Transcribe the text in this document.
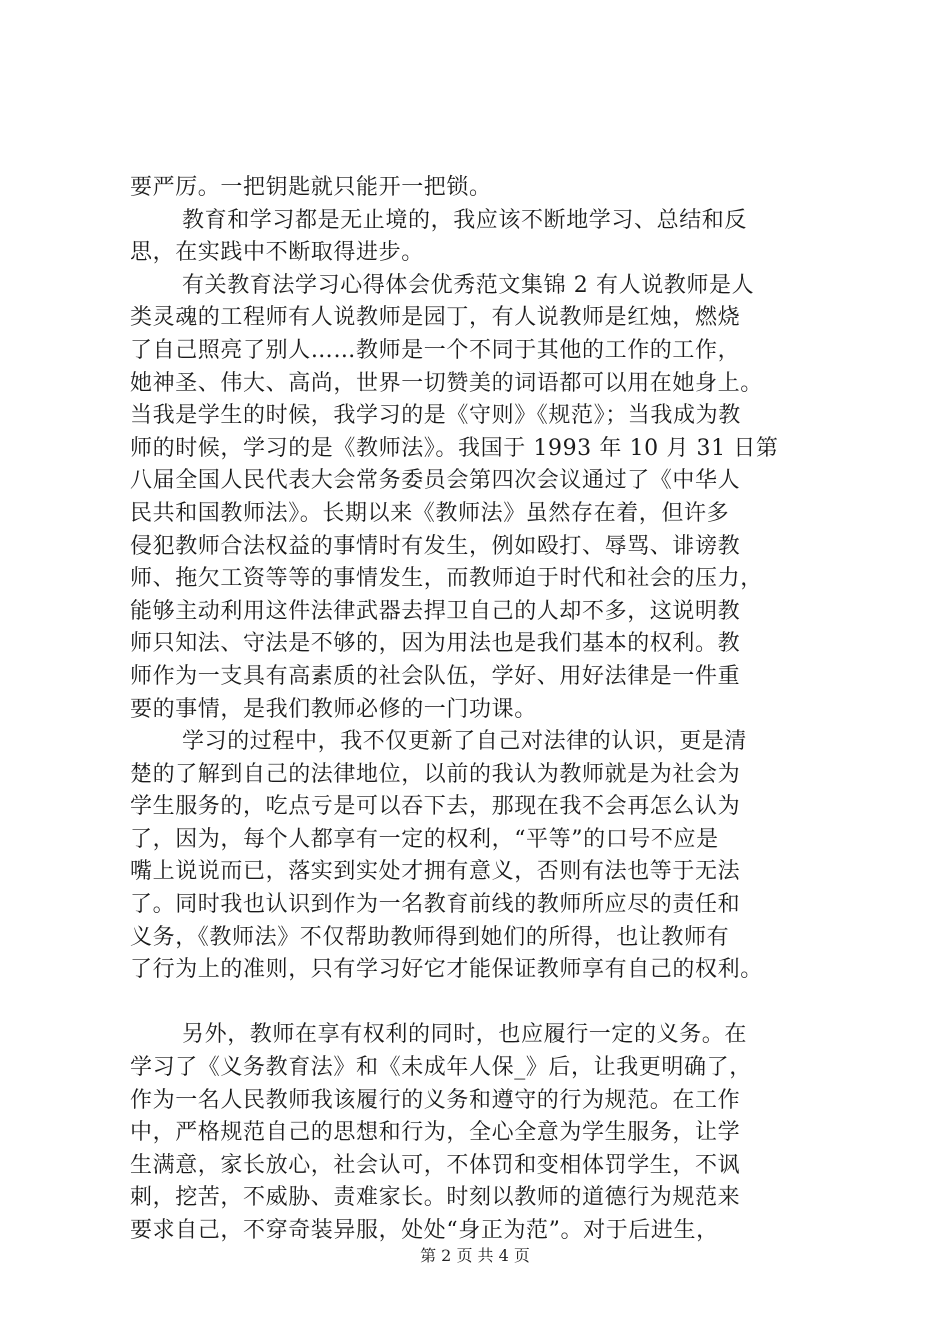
要严厉。一把钥匙就只能开一把锁。
教育和学习都是无止境的，我应该不断地学习、总结和反
思，在实践中不断取得进步。
有关教育法学习心得体会优秀范文集锦 2 有人说教师是人
类灵魂的工程师有人说教师是园丁，有人说教师是红烛，燃烧
了自己照亮了别人……教师是一个不同于其他的工作的工作，
她神圣、伟大、高尚，世界一切赞美的词语都可以用在她身上。
当我是学生的时候，我学习的是《守则》《规范》；当我成为教
师的时候，学习的是《教师法》。我国于 1993 年 10 月 31 日第
八届全国人民代表大会常务委员会第四次会议通过了《中华人
民共和国教师法》。长期以来《教师法》虽然存在着，但许多
侵犯教师合法权益的事情时有发生，例如殴打、辱骂、诽谤教
师、拖欠工资等等的事情发生，而教师迫于时代和社会的压力，
能够主动利用这件法律武器去捍卫自己的人却不多，这说明教
师只知法、守法是不够的，因为用法也是我们基本的权利。教
师作为一支具有高素质的社会队伍，学好、用好法律是一件重
要的事情，是我们教师必修的一门功课。
学习的过程中，我不仅更新了自己对法律的认识，更是清
楚的了解到自己的法律地位，以前的我认为教师就是为社会为
学生服务的，吃点亏是可以吞下去，那现在我不会再怎么认为
了，因为，每个人都享有一定的权利，“平等”的口号不应是
嘴上说说而已，落实到实处才拥有意义，否则有法也等于无法
了。同时我也认识到作为一名教育前线的教师所应尽的责任和
义务，《教师法》不仅帮助教师得到她们的所得，也让教师有
了行为上的准则，只有学习好它才能保证教师享有自己的权利。
另外，教师在享有权利的同时，也应履行一定的义务。在
学习了《义务教育法》和《未成年人保_》后，让我更明确了，
作为一名人民教师我该履行的义务和遵守的行为规范。在工作
中，严格规范自己的思想和行为，全心全意为学生服务，让学
生满意，家长放心，社会认可，不体罚和变相体罚学生，不讽
刺，挖苦，不威胁、责难家长。时刻以教师的道德行为规范来
要求自己，不穿奇装异服，处处“身正为范”。对于后进生，
第 2 页 共 4 页
